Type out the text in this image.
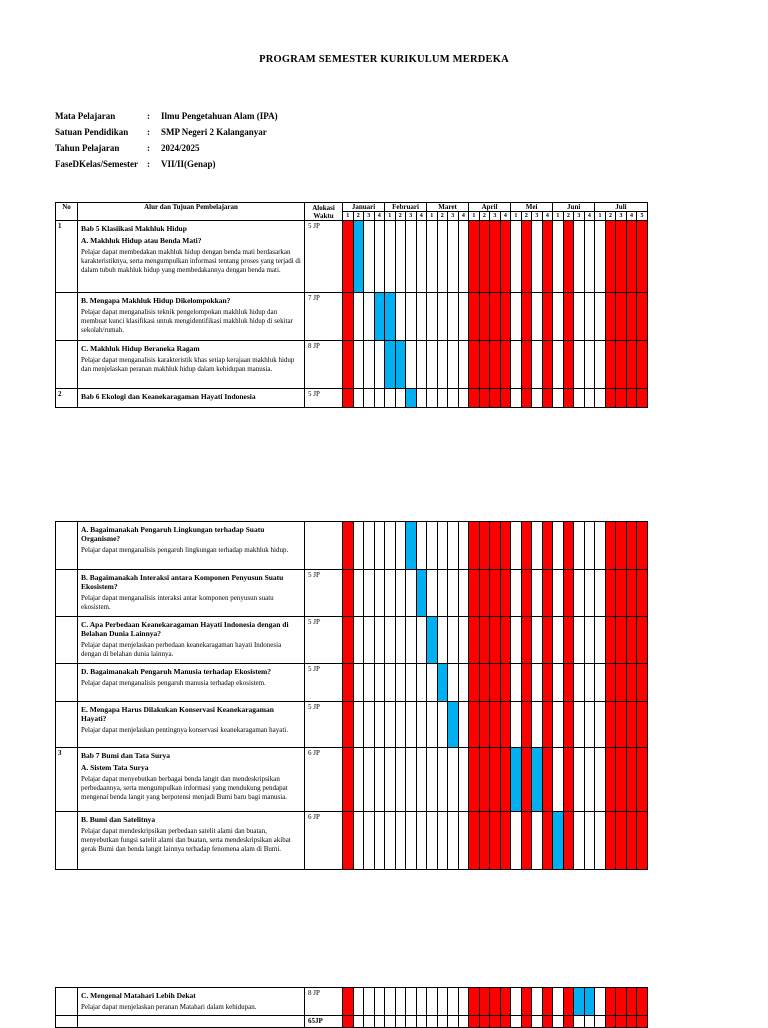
PROGRAM SEMESTER KURIKULUM MERDEKA
Mata Pelajaran	:	Ilmu Pengetahuan Alam (IPA)
Satuan Pendidikan	:	SMP Negeri 2 Kalanganyar
Tahun Pelajaran	:	2024/2025
FaseDKelas/Semester	:	VII/II(Genap)
No	Alur dan Tujuan Pembelajaran	Alokasi Waktu	Januari				Februari				Maret				April				Mei				Juni				Juli				
			1	2	3	4	1	2	3	4	1	2	3	4	1	2	3	4	1	2	3	4	1	2	3	4	1	2	3	4	5
1	Bab 5 Klasiikasi Makhluk Hidup
A. Makhluk Hidup atau Benda Mati?
Pelajar dapat membedakan makhluk hidup dengan benda mati berdasarkan karakteristiknya, serta mengumpulkan informasi tentang proses yang terjadi di dalam tubuh makhluk hidup yang membedakannya dengan benda mati.	5 JP																													

	B. Mengapa Makhluk Hidup Dikelompokkan?
Pelajar dapat menganalisis teknik pengelompokan makhluk hidup dan membuat kunci klasifikasi untuk mengidentifikasi makhluk hidup di sekitar sekolah/rumah.	7 JP																													

	C. Makhluk Hidup Beraneka Ragam
Pelajar dapat menganalisis karakteristik khas setiap kerajaan makhluk hidup dan menjelaskan peranan makhluk hidup dalam kehidupan manusia.	8 JP																													
2	Bab 6 Ekologi dan Keanekaragaman Hayati Indonesia	5 JP																													

	A. Bagaimanakah Pengaruh Lingkungan terhadap Suatu Organisme?
Pelajar dapat menganalisis pengaruh lingkungan terhadap makhluk hidup.																														

	B. Bagaimanakah Interaksi antara Komponen Penyusun Suatu Ekosistem?
Pelajar dapat menganalisis interaksi antar komponen penyusun suatu ekosistem.	5 JP																													

	C. Apa Perbedaan Keanekaragaman Hayati Indonesia dengan di Belahan Dunia Lainnya?
Pelajar dapat menjelaskan perbedaan keanekaragaman hayati Indonesia dengan di belahan dunia lainnya.	5 JP																													

	D. Bagaimanakah Pengaruh Manusia terhadap Ekosistem?
Pelajar dapat menganalisis pengaruh manusia terhadap ekosistem.	5 JP																													

	E. Mengapa Harus Dilakukan Konservasi Keanekaragaman Hayati?
Pelajar dapat menjelaskan pentingnya konservasi keanekaragaman hayati.	5 JP																													
3	Bab 7 Bumi dan Tata Surya
A. Sistem Tata Surya
Pelajar dapat menyebutkan berbagai benda langit dan mendeskripsikan perbedaannya, serta mengumpulkan informasi yang mendukung pendapat mengenai benda langit yang berpotensi menjadi Bumi baru bagi manusia.	6 JP																													

	B. Bumi dan Satelitnya
Pelajar dapat mendeskripsikan perbedaan satelit alami dan buatan, menyebutkan fungsi satelit alami dan buatan, serta mendeskripsikan akibat gerak Bumi dan benda langit lainnya terhadap fenomena alam di Bumi.	6 JP																													

	C. Mengenal Matahari Lebih Dekat
Pelajar dapat menjelaskan peranan Matahari dalam kehidupan.	8 JP																													
		65JP																													
